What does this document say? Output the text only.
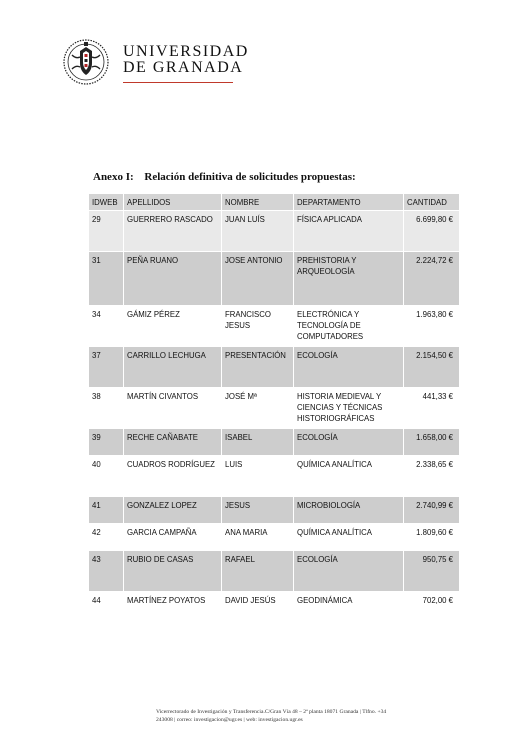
UNIVERSIDAD
DE GRANADA
Anexo I: Relación definitiva de solicitudes propuestas:
IDWEB	APELLIDOS	NOMBRE	DEPARTAMENTO	CANTIDAD
29	GUERRERO RASCADO	JUAN LUÍS	FÍSICA APLICADA	6.699,80 €
31	PEÑA RUANO	JOSE ANTONIO	PREHISTORIA Y ARQUEOLOGÍA	2.224,72 €
34	GÁMIZ PÉREZ	FRANCISCO JESUS	ELECTRÓNICA Y TECNOLOGÍA DE COMPUTADORES	1.963,80 €
37	CARRILLO LECHUGA	PRESENTACIÓN	ECOLOGÍA	2.154,50 €
38	MARTÍN CIVANTOS	JOSÉ Mª	HISTORIA MEDIEVAL Y CIENCIAS Y TÉCNICAS HISTORIOGRÁFICAS	441,33 €
39	RECHE CAÑABATE	ISABEL	ECOLOGÍA	1.658,00 €
40	CUADROS RODRÍGUEZ	LUIS	QUÍMICA ANALÍTICA	2.338,65 €
41	GONZALEZ LOPEZ	JESUS	MICROBIOLOGÍA	2.740,99 €
42	GARCIA CAMPAÑA	ANA MARIA	QUÍMICA ANALÍTICA	1.809,60 €
43	RUBIO DE CASAS	RAFAEL	ECOLOGÍA	950,75 €
44	MARTÍNEZ POYATOS	DAVID JESÚS	GEODINÁMICA	702,00 €
Vicerrectorado de Investigación y Transferencia.C/Gran Vía 48 – 2ª planta 18071 Granada | Tlfno. +34
243008 | correo: investigacion@ugr.es | web: investigacion.ugr.es
